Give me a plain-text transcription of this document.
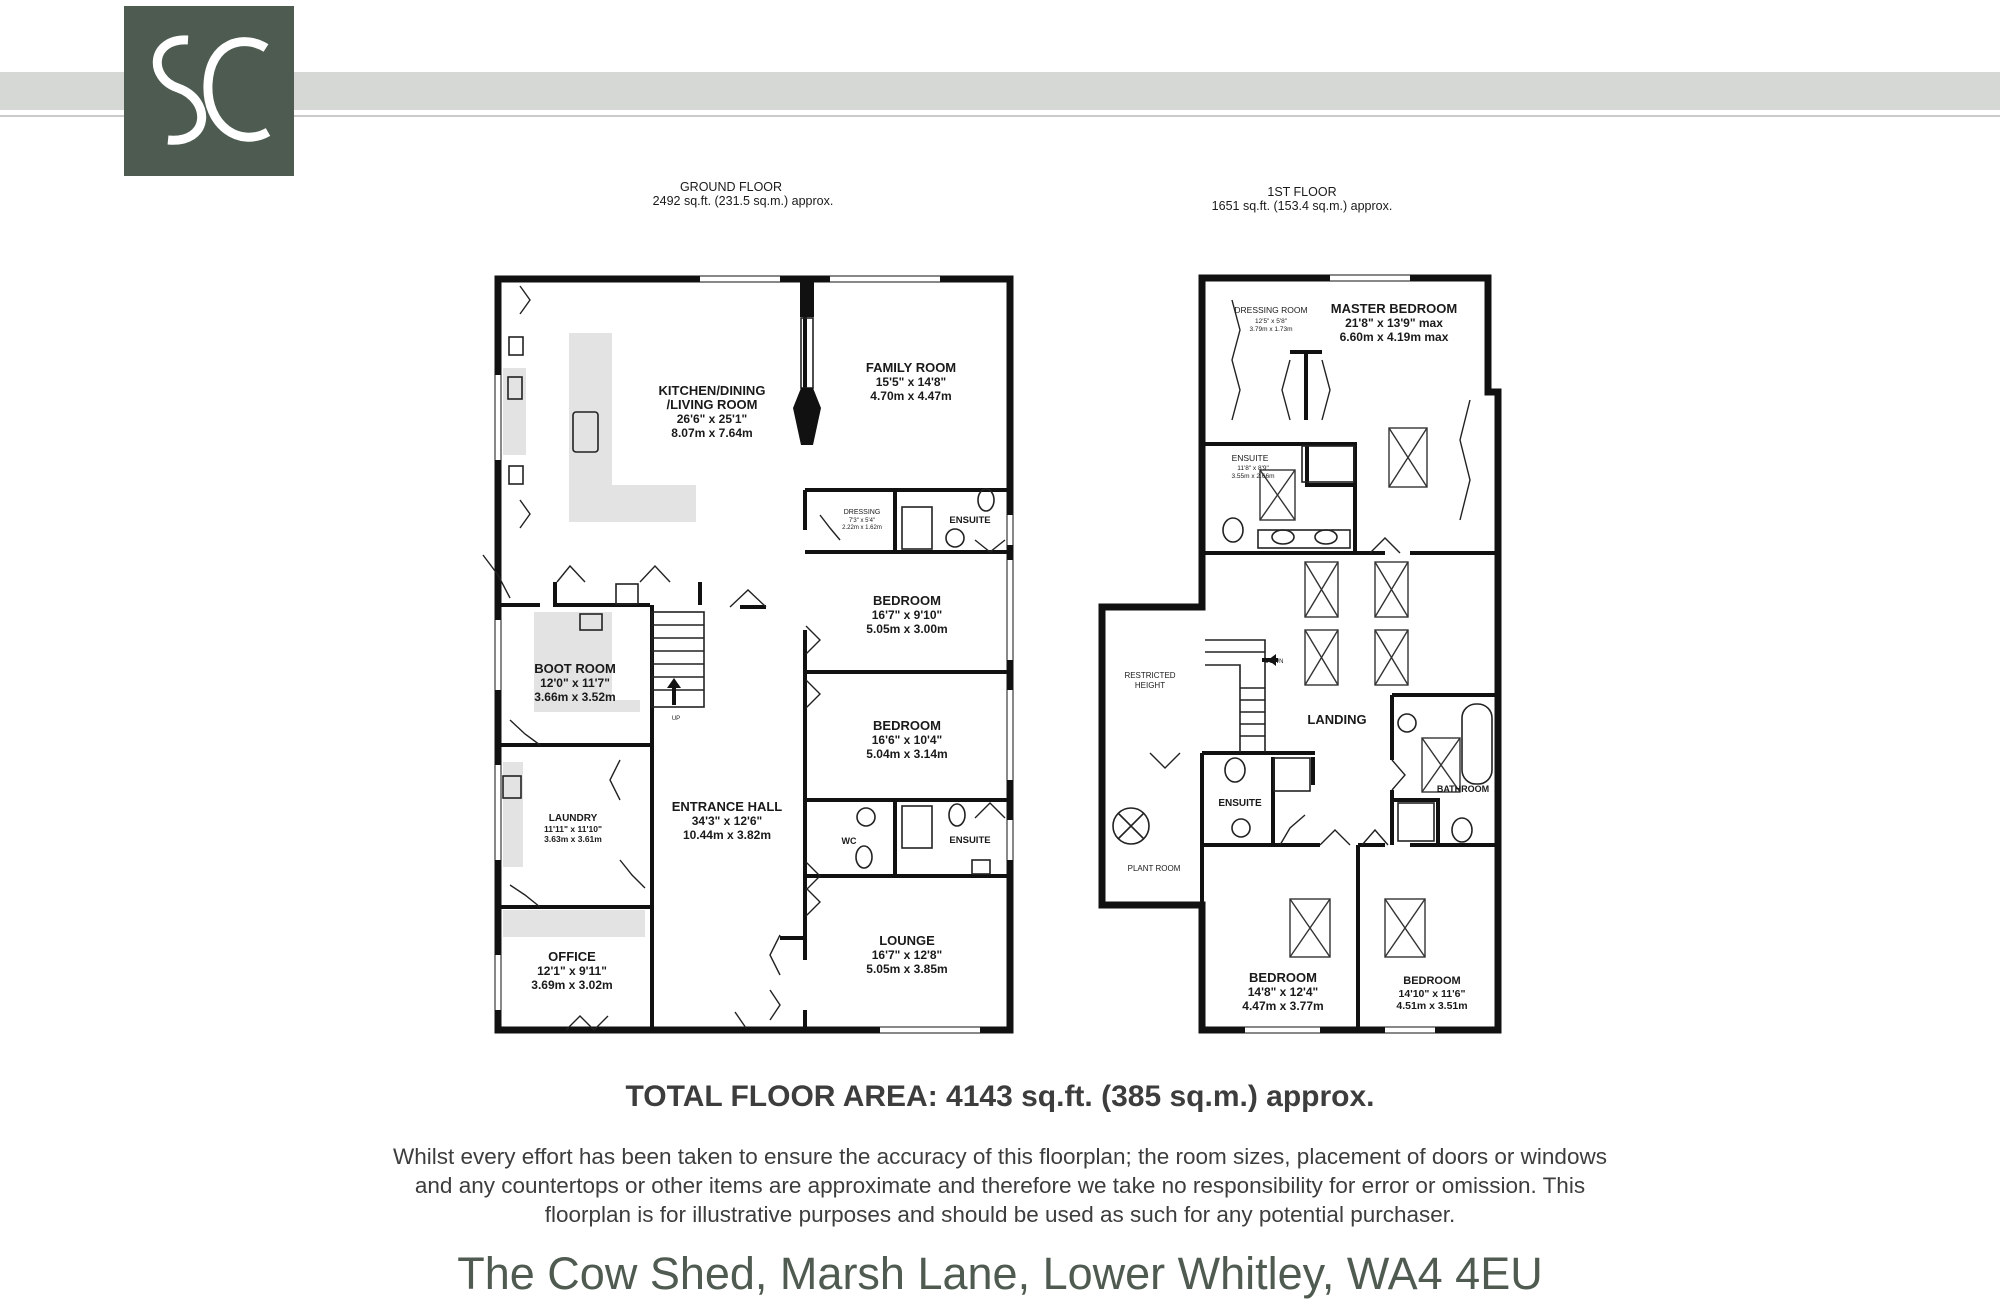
GROUND FLOOR
2492 sq.ft. (231.5 sq.m.) approx.
1ST FLOOR
1651 sq.ft. (153.4 sq.m.) approx.
UP
KITCHEN/DINING
/LIVING ROOM
26'6" x 25'1"
8.07m x 7.64m
FAMILY ROOM
15'5" x 14'8"
4.70m x 4.47m
DRESSING
7'3" x 5'4"
2.22m x 1.62m
ENSUITE
BEDROOM
16'7" x 9'10"
5.05m x 3.00m
BEDROOM
16'6" x 10'4"
5.04m x 3.14m
BOOT ROOM
12'0" x 11'7"
3.66m x 3.52m
LAUNDRY
11'11" x 11'10"
3.63m x 3.61m
ENTRANCE HALL
34'3" x 12'6"
10.44m x 3.82m	WC	ENSUITE
OFFICE
12'1" x 9'11"
3.69m x 3.02m
LOUNGE
16'7" x 12'8"
5.05m x 3.85m
DOWN
DRESSING ROOM
12'5" x 5'8"
3.79m x 1.73m
MASTER BEDROOM
21'8" x 13'9" max
6.60m x 4.19m max
ENSUITE
11'8" x 8'9"
3.55m x 2.66m
RESTRICTED
HEIGHT
LANDING
ENSUITE
BATHROOM
PLANT ROOM
BEDROOM
14'8" x 12'4"
4.47m x 3.77m
BEDROOM
14'10" x 11'6"
4.51m x 3.51m
TOTAL FLOOR AREA: 4143 sq.ft. (385 sq.m.) approx.
Whilst every effort has been taken to ensure the accuracy of this floorplan; the room sizes, placement of doors or windows and any countertops or other items are approximate and therefore we take no responsibility for error or omission. This floorplan is for illustrative purposes and should be used as such for any potential purchaser.
The Cow Shed, Marsh Lane, Lower Whitley, WA4 4EU
